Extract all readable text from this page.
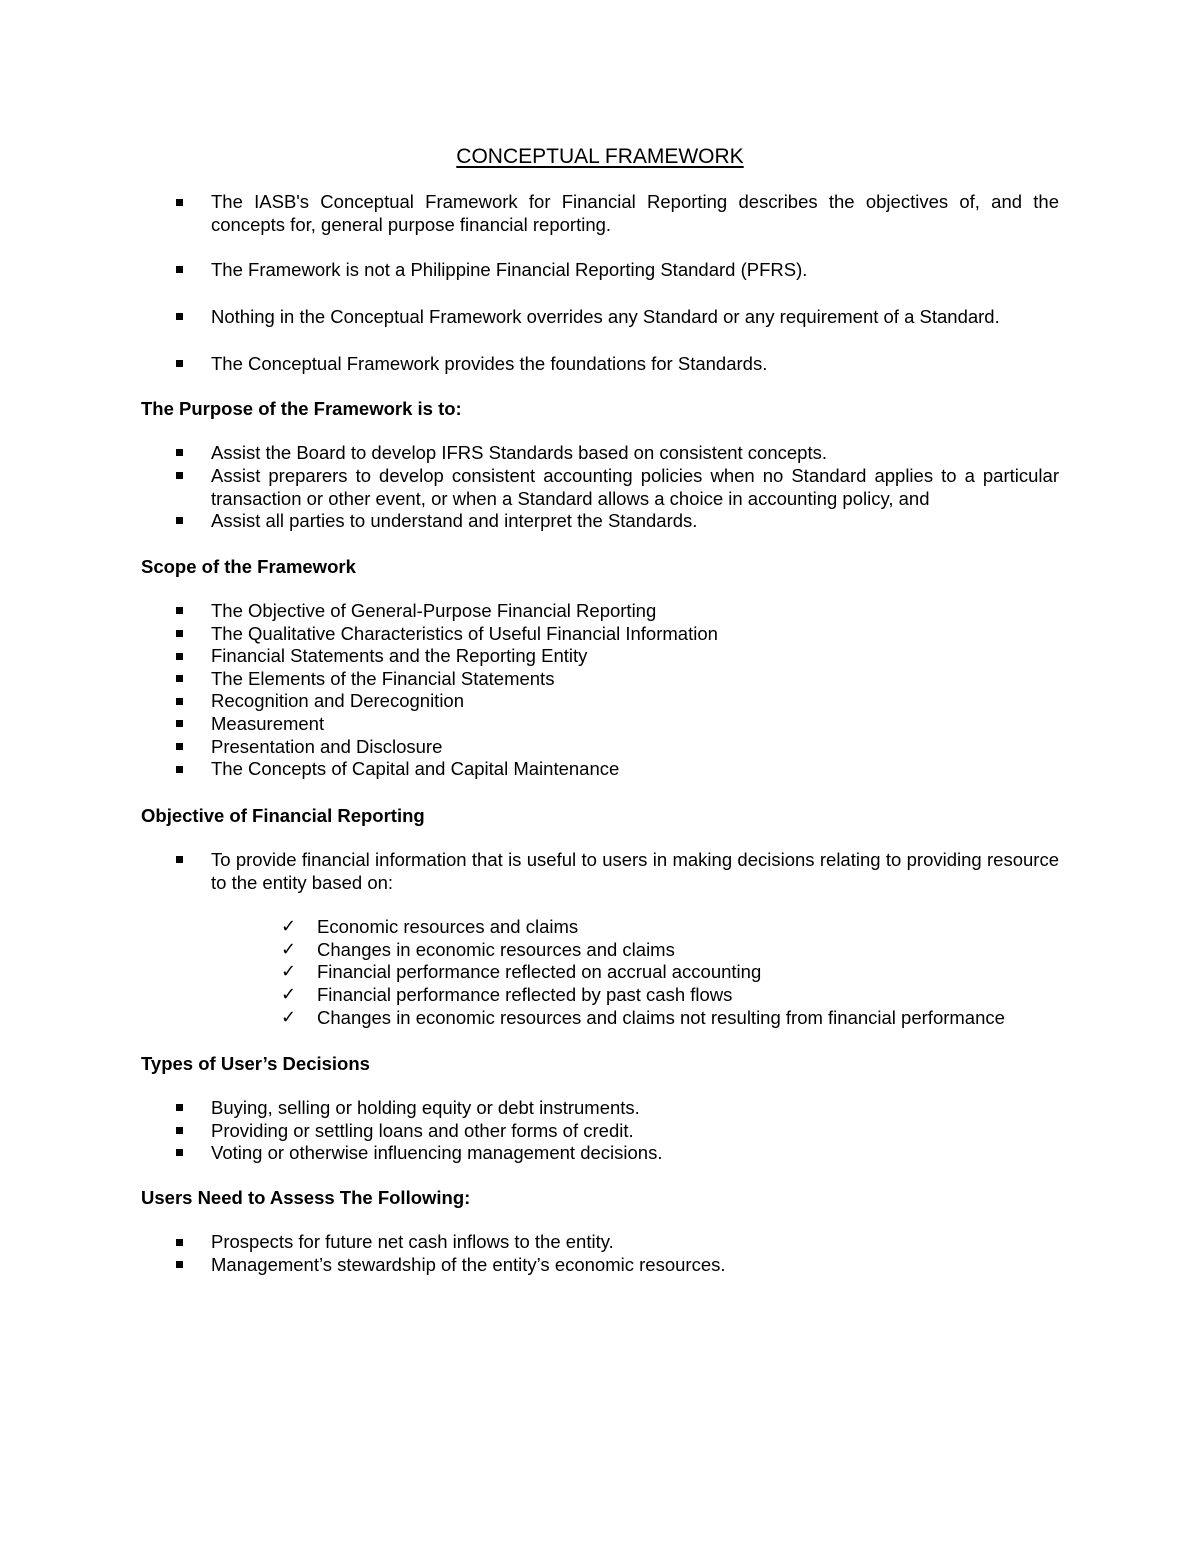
CONCEPTUAL FRAMEWORK
The IASB's Conceptual Framework for Financial Reporting describes the objectives of, and the concepts for, general purpose financial reporting.
The Framework is not a Philippine Financial Reporting Standard (PFRS).
Nothing in the Conceptual Framework overrides any Standard or any requirement of a Standard.
The Conceptual Framework provides the foundations for Standards.
The Purpose of the Framework is to:
Assist the Board to develop IFRS Standards based on consistent concepts.
Assist preparers to develop consistent accounting policies when no Standard applies to a particular transaction or other event, or when a Standard allows a choice in accounting policy, and
Assist all parties to understand and interpret the Standards.
Scope of the Framework
The Objective of General-Purpose Financial Reporting
The Qualitative Characteristics of Useful Financial Information
Financial Statements and the Reporting Entity
The Elements of the Financial Statements
Recognition and Derecognition
Measurement
Presentation and Disclosure
The Concepts of Capital and Capital Maintenance
Objective of Financial Reporting
To provide financial information that is useful to users in making decisions relating to providing resource to the entity based on:
✓ Economic resources and claims
✓ Changes in economic resources and claims
✓ Financial performance reflected on accrual accounting
✓ Financial performance reflected by past cash flows
✓ Changes in economic resources and claims not resulting from financial performance
Types of User’s Decisions
Buying, selling or holding equity or debt instruments.
Providing or settling loans and other forms of credit.
Voting or otherwise influencing management decisions.
Users Need to Assess The Following:
Prospects for future net cash inflows to the entity.
Management’s stewardship of the entity’s economic resources.
